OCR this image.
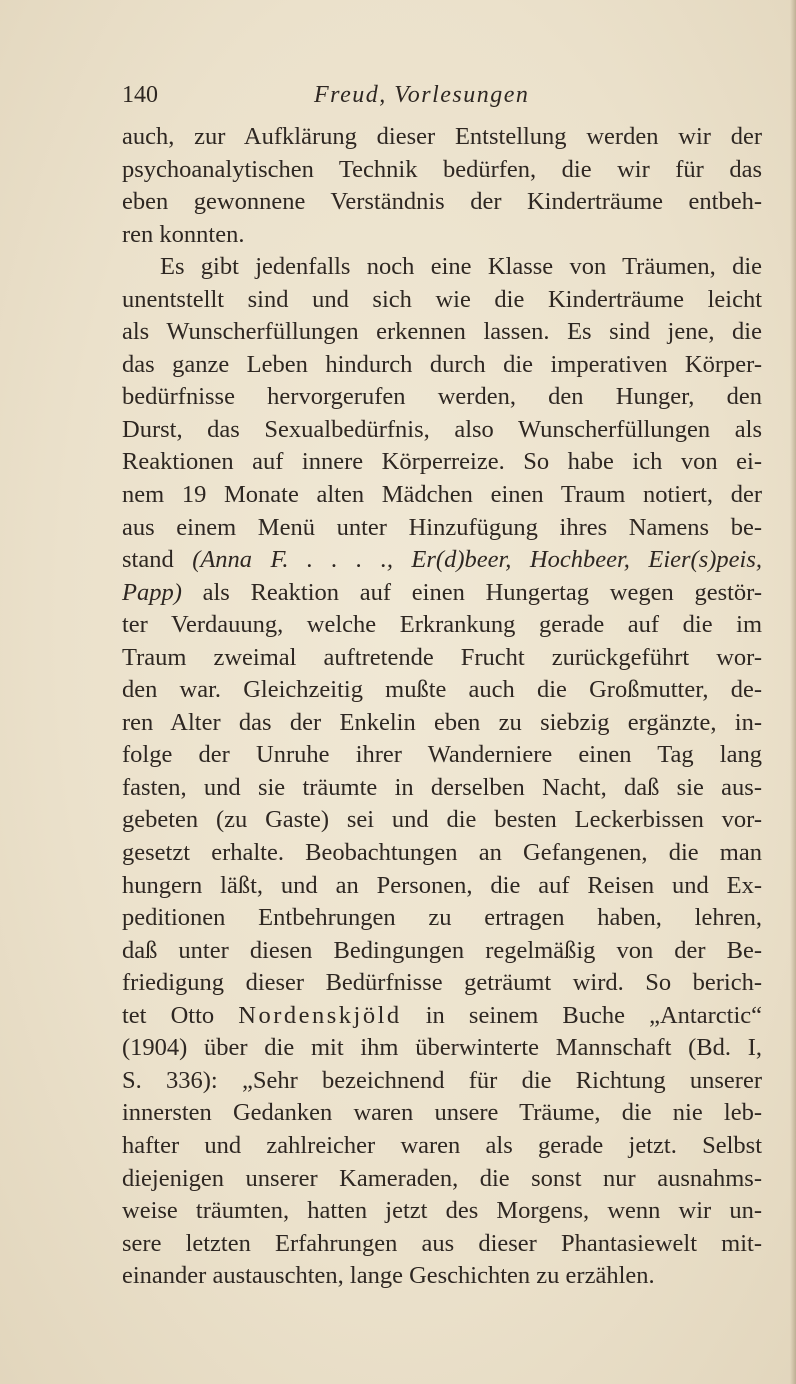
140	Freud, Vorlesungen
auch, zur Aufklärung dieser Entstellung werden wir der
psychoanalytischen Technik bedürfen, die wir für das
eben gewonnene Verständnis der Kinderträume entbeh-
ren konnten.
Es gibt jedenfalls noch eine Klasse von Träumen, die
unentstellt sind und sich wie die Kinderträume leicht
als Wunscherfüllungen erkennen lassen. Es sind jene, die
das ganze Leben hindurch durch die imperativen Körper-
bedürfnisse hervorgerufen werden, den Hunger, den
Durst, das Sexualbedürfnis, also Wunscherfüllungen als
Reaktionen auf innere Körperreize. So habe ich von ei-
nem 19 Monate alten Mädchen einen Traum notiert, der
aus einem Menü unter Hinzufügung ihres Namens be-
stand (Anna F. . . . ., Er(d)beer, Hochbeer, Eier(s)peis,
Papp) als Reaktion auf einen Hungertag wegen gestör-
ter Verdauung, welche Erkrankung gerade auf die im
Traum zweimal auftretende Frucht zurückgeführt wor-
den war. Gleichzeitig mußte auch die Großmutter, de-
ren Alter das der Enkelin eben zu siebzig ergänzte, in-
folge der Unruhe ihrer Wanderniere einen Tag lang
fasten, und sie träumte in derselben Nacht, daß sie aus-
gebeten (zu Gaste) sei und die besten Leckerbissen vor-
gesetzt erhalte. Beobachtungen an Gefangenen, die man
hungern läßt, und an Personen, die auf Reisen und Ex-
peditionen Entbehrungen zu ertragen haben, lehren,
daß unter diesen Bedingungen regelmäßig von der Be-
friedigung dieser Bedürfnisse geträumt wird. So berich-
tet Otto Nordenskjöld in seinem Buche „Antarctic“
(1904) über die mit ihm überwinterte Mannschaft (Bd. I,
S. 336): „Sehr bezeichnend für die Richtung unserer
innersten Gedanken waren unsere Träume, die nie leb-
hafter und zahlreicher waren als gerade jetzt. Selbst
diejenigen unserer Kameraden, die sonst nur ausnahms-
weise träumten, hatten jetzt des Morgens, wenn wir un-
sere letzten Erfahrungen aus dieser Phantasiewelt mit-
einander austauschten, lange Geschichten zu erzählen.
